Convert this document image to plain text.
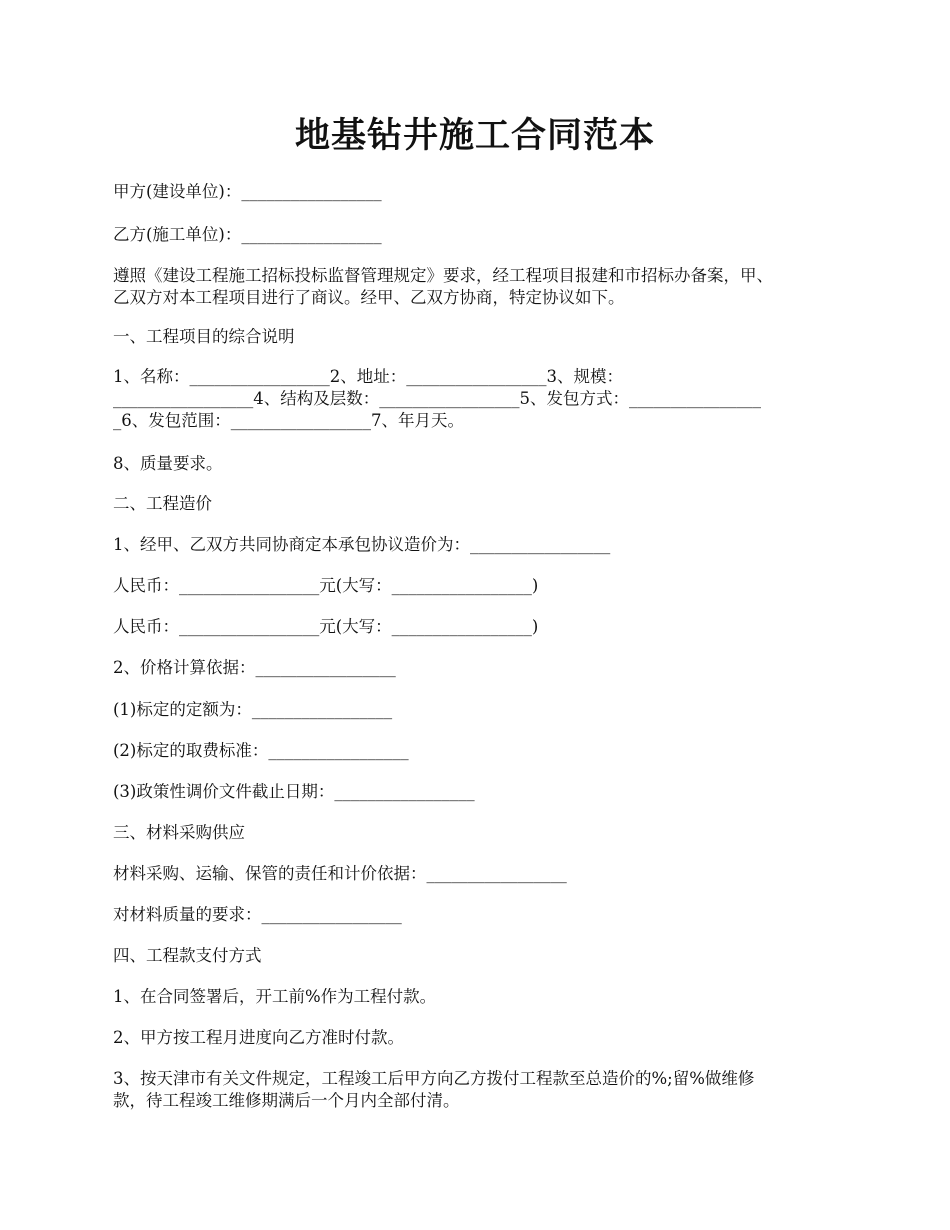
地基钻井施工合同范本
甲方(建设单位)：_________________
乙方(施工单位)：_________________
遵照《建设工程施工招标投标监督管理规定》要求，经工程项目报建和市招标办备案，甲、
乙双方对本工程项目进行了商议。经甲、乙双方协商，特定协议如下。
一、工程项目的综合说明
1、名称：_________________2、地址：_________________3、规模：
_________________4、结构及层数：_________________5、发包方式：________________
_6、发包范围：_________________7、年月天。
8、质量要求。
二、工程造价
1、经甲、乙双方共同协商定本承包协议造价为：_________________
人民币：_________________元(大写：_________________)
人民币：_________________元(大写：_________________)
2、价格计算依据：_________________
(1)标定的定额为：_________________
(2)标定的取费标准：_________________
(3)政策性调价文件截止日期：_________________
三、材料采购供应
材料采购、运输、保管的责任和计价依据：_________________
对材料质量的要求：_________________
四、工程款支付方式
1、在合同签署后，开工前%作为工程付款。
2、甲方按工程月进度向乙方准时付款。
3、按天津市有关文件规定，工程竣工后甲方向乙方拨付工程款至总造价的%;留%做维修
款，待工程竣工维修期满后一个月内全部付清。
